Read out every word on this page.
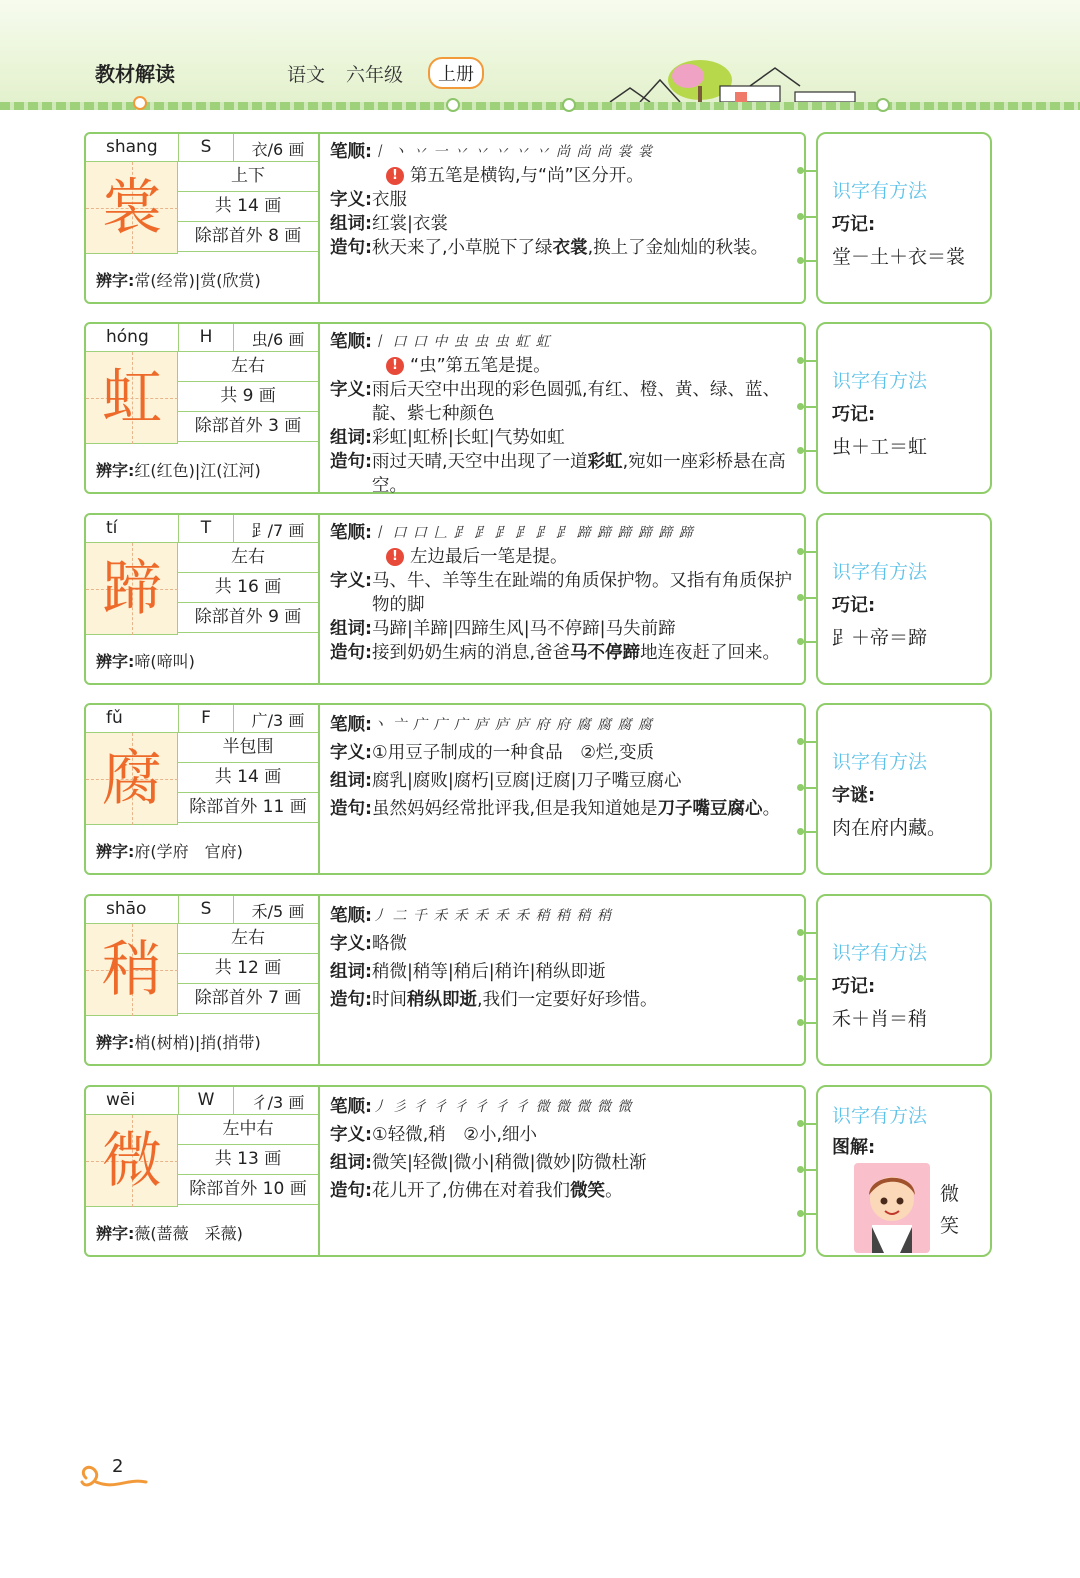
教材解读	语文 六年级	上册
shang	S	衣/6 画
裳	上下
共 14 画
除部首外 8 画
辨字:常(经常)|赏(欣赏)
笔顺: 丨 丶 丷 一 丷 丷 丷 丷 丷 尚 尚 尚 裳 裳
! 第五笔是横钩,与“尚”区分开。
字义: 衣服
组词: 红裳|衣裳
造句: 秋天来了,小草脱下了绿衣裳,换上了金灿灿的秋装。
识字有方法
巧记:
堂－土＋衣＝裳
hóng	H	虫/6 画
虹	左右
共 9 画
除部首外 3 画
辨字:红(红色)|江(江河)
笔顺: 丨 口 口 中 虫 虫 虫 虹 虹
! “虫”第五笔是提。
字义: 雨后天空中出现的彩色圆弧,有红、橙、黄、绿、蓝、靛、紫七种颜色
组词: 彩虹|虹桥|长虹|气势如虹
造句: 雨过天晴,天空中出现了一道彩虹,宛如一座彩桥悬在高空。
识字有方法
巧记:
虫＋工＝虹
tí	T	𧾷/7 画
蹄	左右
共 16 画
除部首外 9 画
辨字:啼(啼叫)
笔顺: 丨 口 口 𠃊 𧾷 𧾷 𧾷 𧾷 𧾷 𧾷 蹄 蹄 蹄 蹄 蹄 蹄
! 左边最后一笔是提。
字义: 马、牛、羊等生在趾端的角质保护物。又指有角质保护物的脚
组词: 马蹄|羊蹄|四蹄生风|马不停蹄|马失前蹄
造句: 接到奶奶生病的消息,爸爸马不停蹄地连夜赶了回来。
识字有方法
巧记:
𧾷＋帝＝蹄
fǔ	F	广/3 画
腐	半包围
共 14 画
除部首外 11 画
辨字:府(学府　官府)
笔顺: 丶 亠 广 广 广 庐 庐 庐 府 府 腐 腐 腐 腐
字义: ①用豆子制成的一种食品　②烂,变质
组词: 腐乳|腐败|腐朽|豆腐|迂腐|刀子嘴豆腐心
造句: 虽然妈妈经常批评我,但是我知道她是刀子嘴豆腐心。
识字有方法
字谜:
肉在府内藏。
shāo	S	禾/5 画
稍	左右
共 12 画
除部首外 7 画
辨字:梢(树梢)|捎(捎带)
笔顺: 丿 二 千 禾 禾 禾 禾 禾 稍 稍 稍 稍
字义: 略微
组词: 稍微|稍等|稍后|稍许|稍纵即逝
造句: 时间稍纵即逝,我们一定要好好珍惜。
识字有方法
巧记:
禾＋肖＝稍
wēi	W	彳/3 画
微	左中右
共 13 画
除部首外 10 画
辨字:薇(蔷薇　采薇)
笔顺: 丿 彡 彳 彳 彳 彳 彳 彳 微 微 微 微 微
字义: ①轻微,稍　②小,细小
组词: 微笑|轻微|微小|稍微|微妙|防微杜渐
造句: 花儿开了,仿佛在对着我们微笑。
识字有方法
图解:
微
笑
2
